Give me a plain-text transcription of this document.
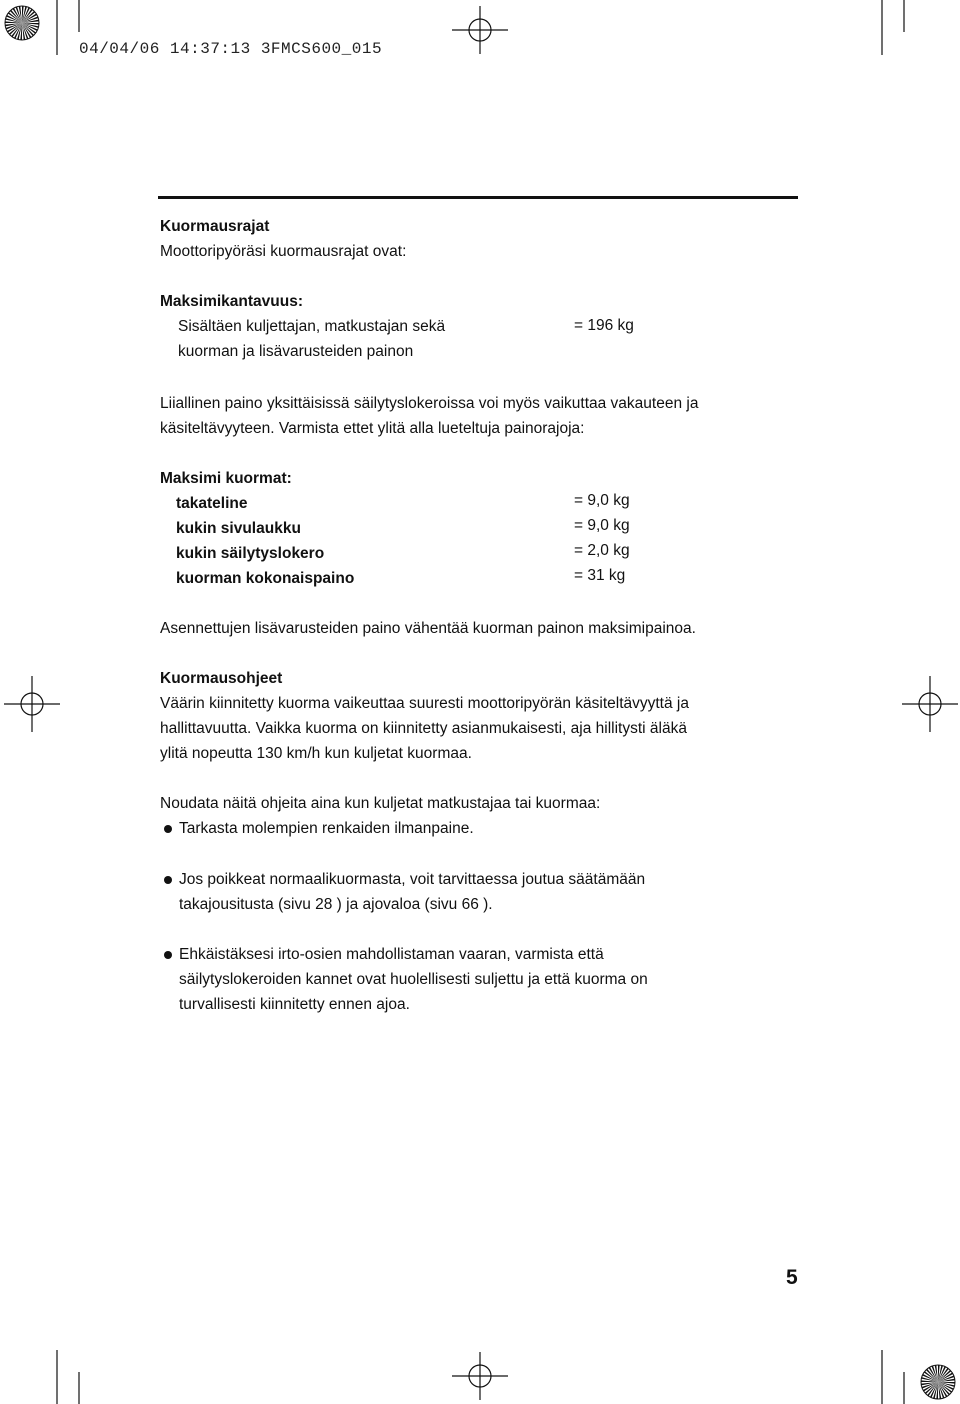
04/04/06 14:37:13 3FMCS600_015
Kuormausrajat
Moottoripyöräsi kuormausrajat ovat:
Maksimikantavuus:
Sisältäen kuljettajan, matkustajan sekä
kuorman ja lisävarusteiden painon
= 196 kg
Liiallinen paino yksittäisissä säilytyslokeroissa voi myös vaikuttaa vakauteen ja
käsiteltävyyteen. Varmista ettet ylitä alla lueteltuja painorajoja:
Maksimi kuormat:
takateline	= 9,0 kg
kukin sivulaukku	= 9,0 kg
kukin säilytyslokero	= 2,0 kg
kuorman kokonaispaino	= 31 kg
Asennettujen lisävarusteiden paino vähentää kuorman painon maksimipainoa.
Kuormausohjeet
Väärin kiinnitetty kuorma vaikeuttaa suuresti moottoripyörän käsiteltävyyttä ja
hallittavuutta. Vaikka kuorma on kiinnitetty asianmukaisesti, aja hillitysti äläkä
ylitä nopeutta 130 km/h kun kuljetat kuormaa.
Noudata näitä ohjeita aina kun kuljetat matkustajaa tai kuormaa:
Tarkasta molempien renkaiden ilmanpaine.
Jos poikkeat normaalikuormasta, voit tarvittaessa joutua säätämään
takajousitusta (sivu 28 ) ja ajovaloa (sivu 66 ).
Ehkäistäksesi irto-osien mahdollistaman vaaran, varmista että
säilytyslokeroiden kannet ovat huolellisesti suljettu ja että kuorma on
turvallisesti kiinnitetty ennen ajoa.
5
